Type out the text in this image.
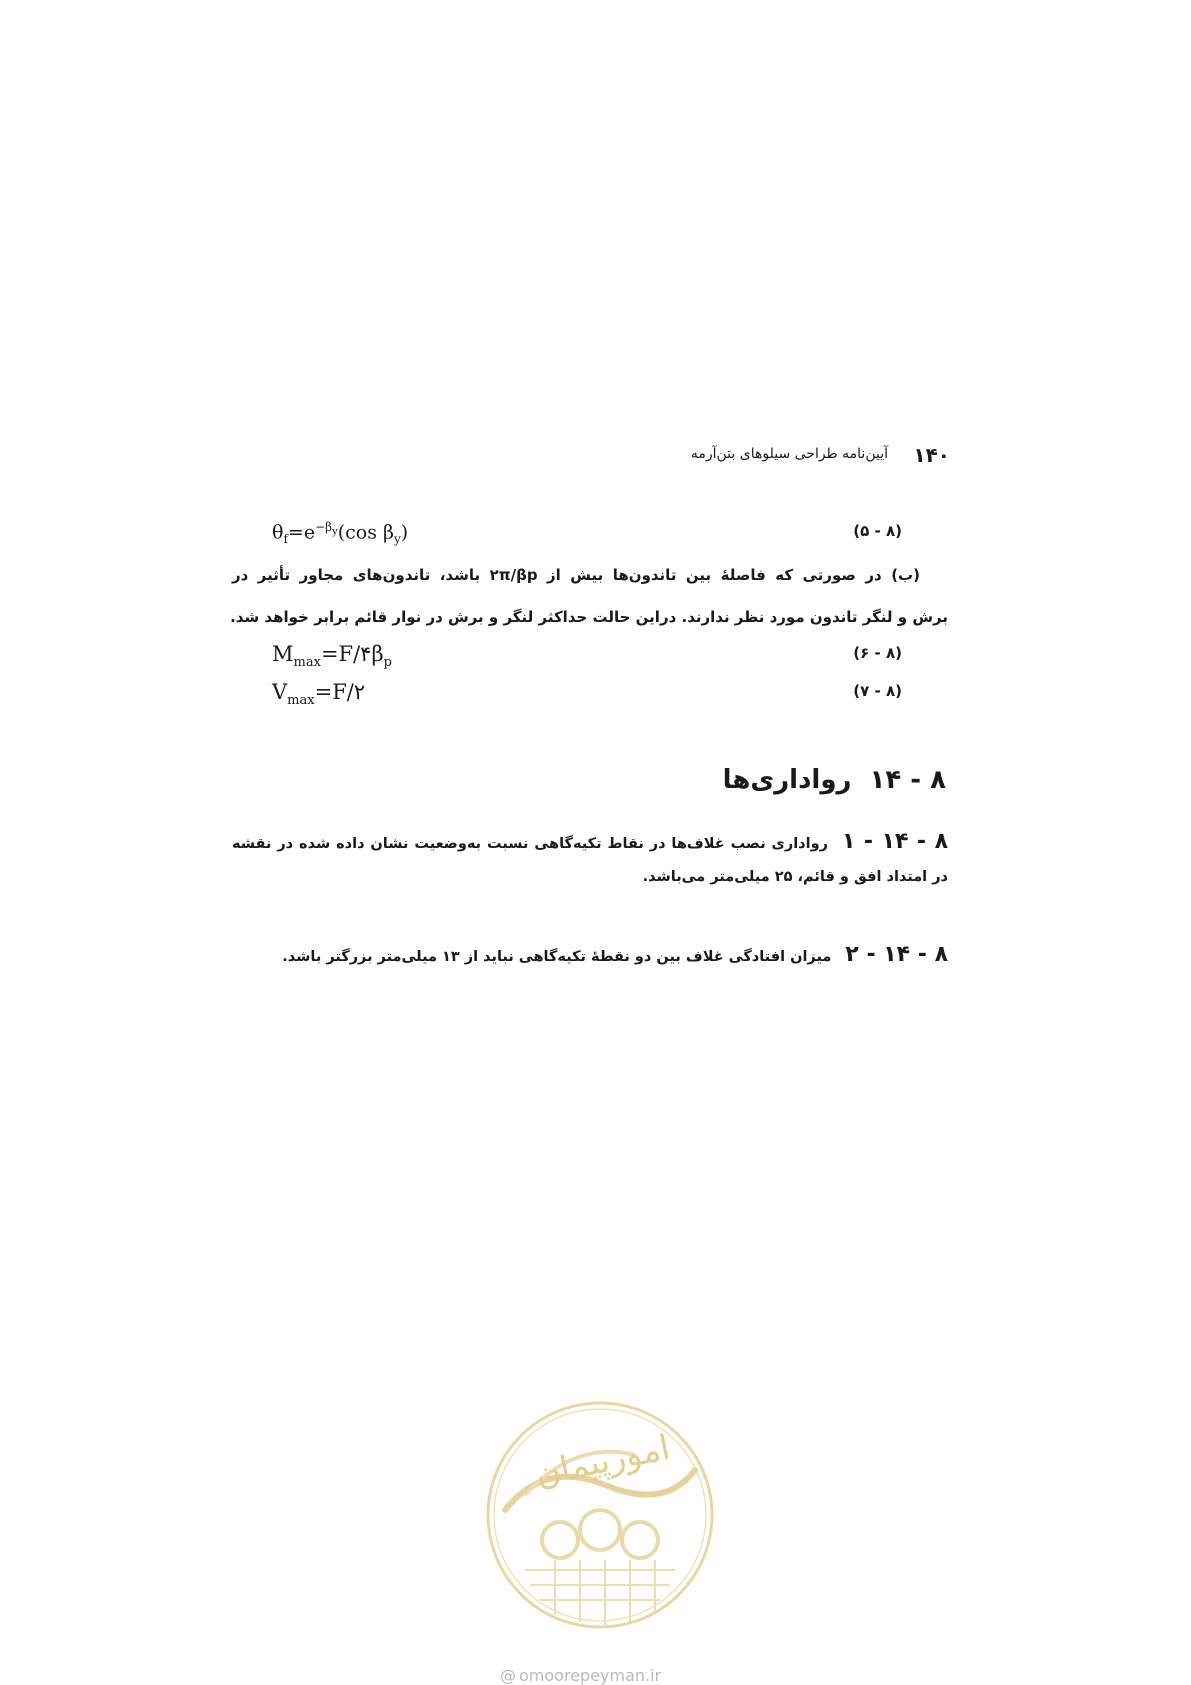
۱۴۰
آیین‌نامه طراحی سیلوهای بتن‌آرمه
$\theta_f=e^{-\beta_y}(\cos$ $\beta_y$)	(۵ - ۸)
(ب) در صورتی که فاصلۀ بین تاندون‌ها بیش از ۲π/βp باشد، تاندون‌های مجاور تأثیر در
برش و لنگر تاندون مورد نظر ندارند. دراین حالت حداکثر لنگر و برش در نوار قائم برابر خواهد شد.
$M_{max}=F/۴\beta_p$
(۶ - ۸)
$V_{max}=F/۲$	(۷ - ۸)
۸ - ۱۴رواداری‌ها
۸ - ۱۴ - ۱رواداری نصب غلاف‌ها در نقاط تکیه‌گاهی نسبت به‌وضعیت نشان داده شده در نقشه
در امتداد افق و قائم، ۲۵ میلی‌متر می‌باشد.
۸ - ۱۴ - ۲میزان افتادگی غلاف بین دو نقطۀ تکیه‌گاهی نباید از ۱۳ میلی‌متر بزرگتر باشد.
امورپیمان
@ omoorepeyman.ir
